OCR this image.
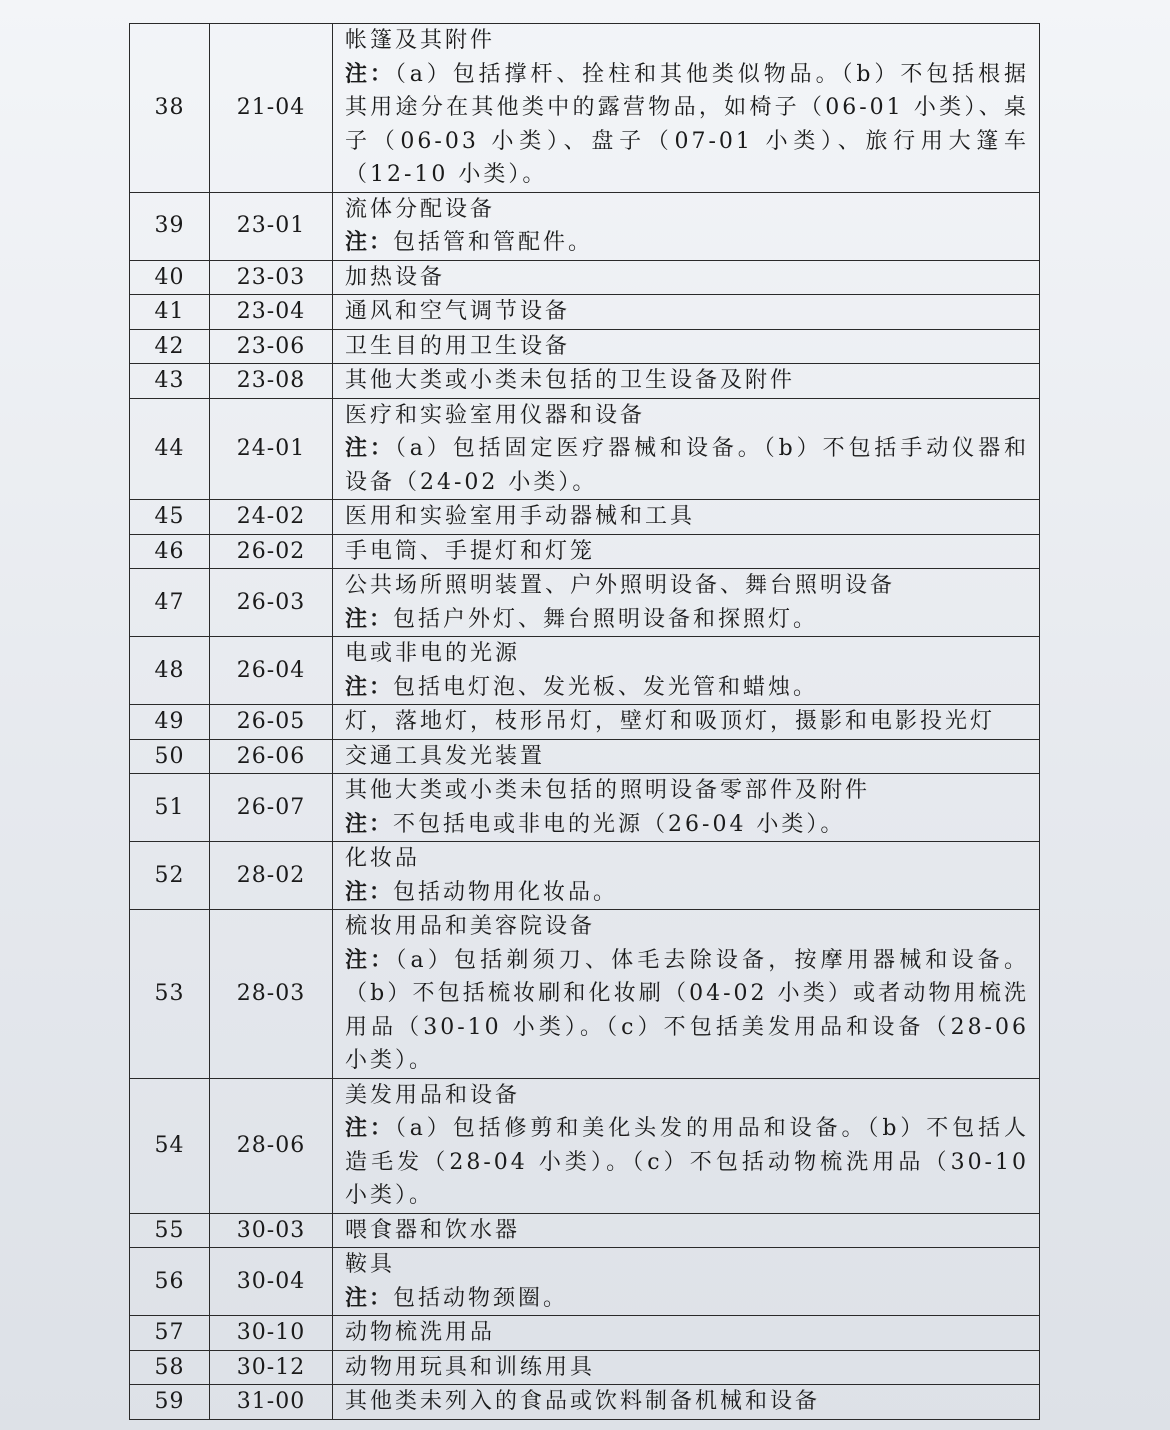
38	21-04	帐篷及其附件
注：（a）包括撑杆、拴柱和其他类似物品。（b）不包括根据其用途分在其他类中的露营物品，如椅子（06-01 小类）、桌子（06-03 小类）、盘子（07-01 小类）、旅行用大篷车（12-10 小类）。

39	23-01	流体分配设备
注：包括管和管配件。

40	23-03	加热设备

41	23-04	通风和空气调节设备

42	23-06	卫生目的用卫生设备

43	23-08	其他大类或小类未包括的卫生设备及附件

44	24-01	医疗和实验室用仪器和设备
注：（a）包括固定医疗器械和设备。（b）不包括手动仪器和设备（24-02 小类）。

45	24-02	医用和实验室用手动器械和工具

46	26-02	手电筒、手提灯和灯笼

47	26-03	公共场所照明装置、户外照明设备、舞台照明设备
注：包括户外灯、舞台照明设备和探照灯。

48	26-04	电或非电的光源
注：包括电灯泡、发光板、发光管和蜡烛。

49	26-05	灯，落地灯，枝形吊灯，壁灯和吸顶灯，摄影和电影投光灯

50	26-06	交通工具发光装置

51	26-07	其他大类或小类未包括的照明设备零部件及附件
注：不包括电或非电的光源（26-04 小类）。

52	28-02	化妆品
注：包括动物用化妆品。

53	28-03	梳妆用品和美容院设备
注：（a）包括剃须刀、体毛去除设备，按摩用器械和设备。（b）不包括梳妆刷和化妆刷（04-02 小类）或者动物用梳洗用品（30-10 小类）。（c）不包括美发用品和设备（28-06 小类）。

54	28-06	美发用品和设备
注：（a）包括修剪和美化头发的用品和设备。（b）不包括人造毛发（28-04 小类）。（c）不包括动物梳洗用品（30-10 小类）。

55	30-03	喂食器和饮水器

56	30-04	鞍具
注：包括动物颈圈。

57	30-10	动物梳洗用品

58	30-12	动物用玩具和训练用具

59	31-00	其他类未列入的食品或饮料制备机械和设备
